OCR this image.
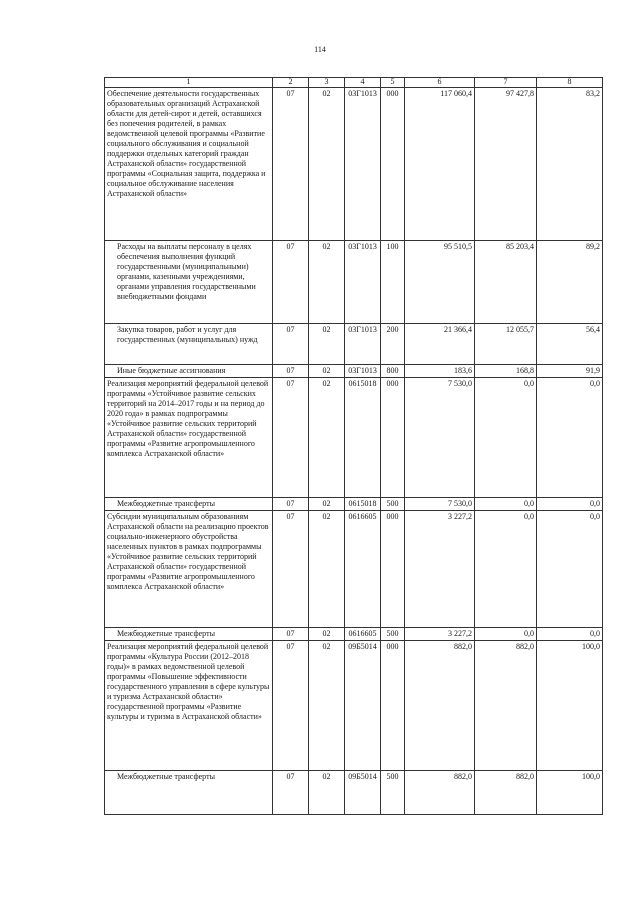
114
1	2	3	4	5	6	7	8

Обеспечение деятельности государственных образовательных организаций Астраханской области для детей-сирот и детей, оставшихся без попечения родителей, в рамках ведомственной целевой программы «Развитие социального обслуживания и социальной поддержки отдельных категорий граждан Астраханской области» государственной программы «Социальная защита, поддержка и социальное обслуживание населения Астраханской области»	07	02	03Г1013	000	117 060,4	97 427,8	83,2

Расходы на выплаты персоналу в целях обеспечения выполнения функций государственными (муниципальными) органами, казенными учреждениями, органами управления государственными внебюджетными фондами	07	02	03Г1013	100	95 510,5	85 203,4	89,2

Закупка товаров, работ и услуг для государственных (муниципальных) нужд	07	02	03Г1013	200	21 366,4	12 055,7	56,4

Иные бюджетные ассигнования	07	02	03Г1013	800	183,6	168,8	91,9

Реализация мероприятий федеральной целевой программы «Устойчивое развитие сельских территорий на 2014–2017 годы и на период до 2020 года» в рамках подпрограммы «Устойчивое развитие сельских территорий Астраханской области» государственной программы «Развитие агропромышленного комплекса Астраханской области»	07	02	0615018	000	7 530,0	0,0	0,0

Межбюджетные трансферты	07	02	0615018	500	7 530,0	0,0	0,0

Субсидии муниципальным образованиям Астраханской области на реализацию проектов социально-инженерного обустройства населенных пунктов в рамках подпрограммы «Устойчивое развитие сельских территорий Астраханской области» государственной программы «Развитие агропромышленного комплекса Астраханской области»	07	02	0616605	000	3 227,2	0,0	0,0

Межбюджетные трансферты	07	02	0616605	500	3 227,2	0,0	0,0

Реализация мероприятий федеральной целевой программы «Культура России (2012–2018 годы)» в рамках ведомственной целевой программы «Повышение эффективности государственного управления в сфере культуры и туризма Астраханской области» государственной программы «Развитие культуры и туризма в Астраханской области»	07	02	09Б5014	000	882,0	882,0	100,0

Межбюджетные трансферты	07	02	09Б5014	500	882,0	882,0	100,0
